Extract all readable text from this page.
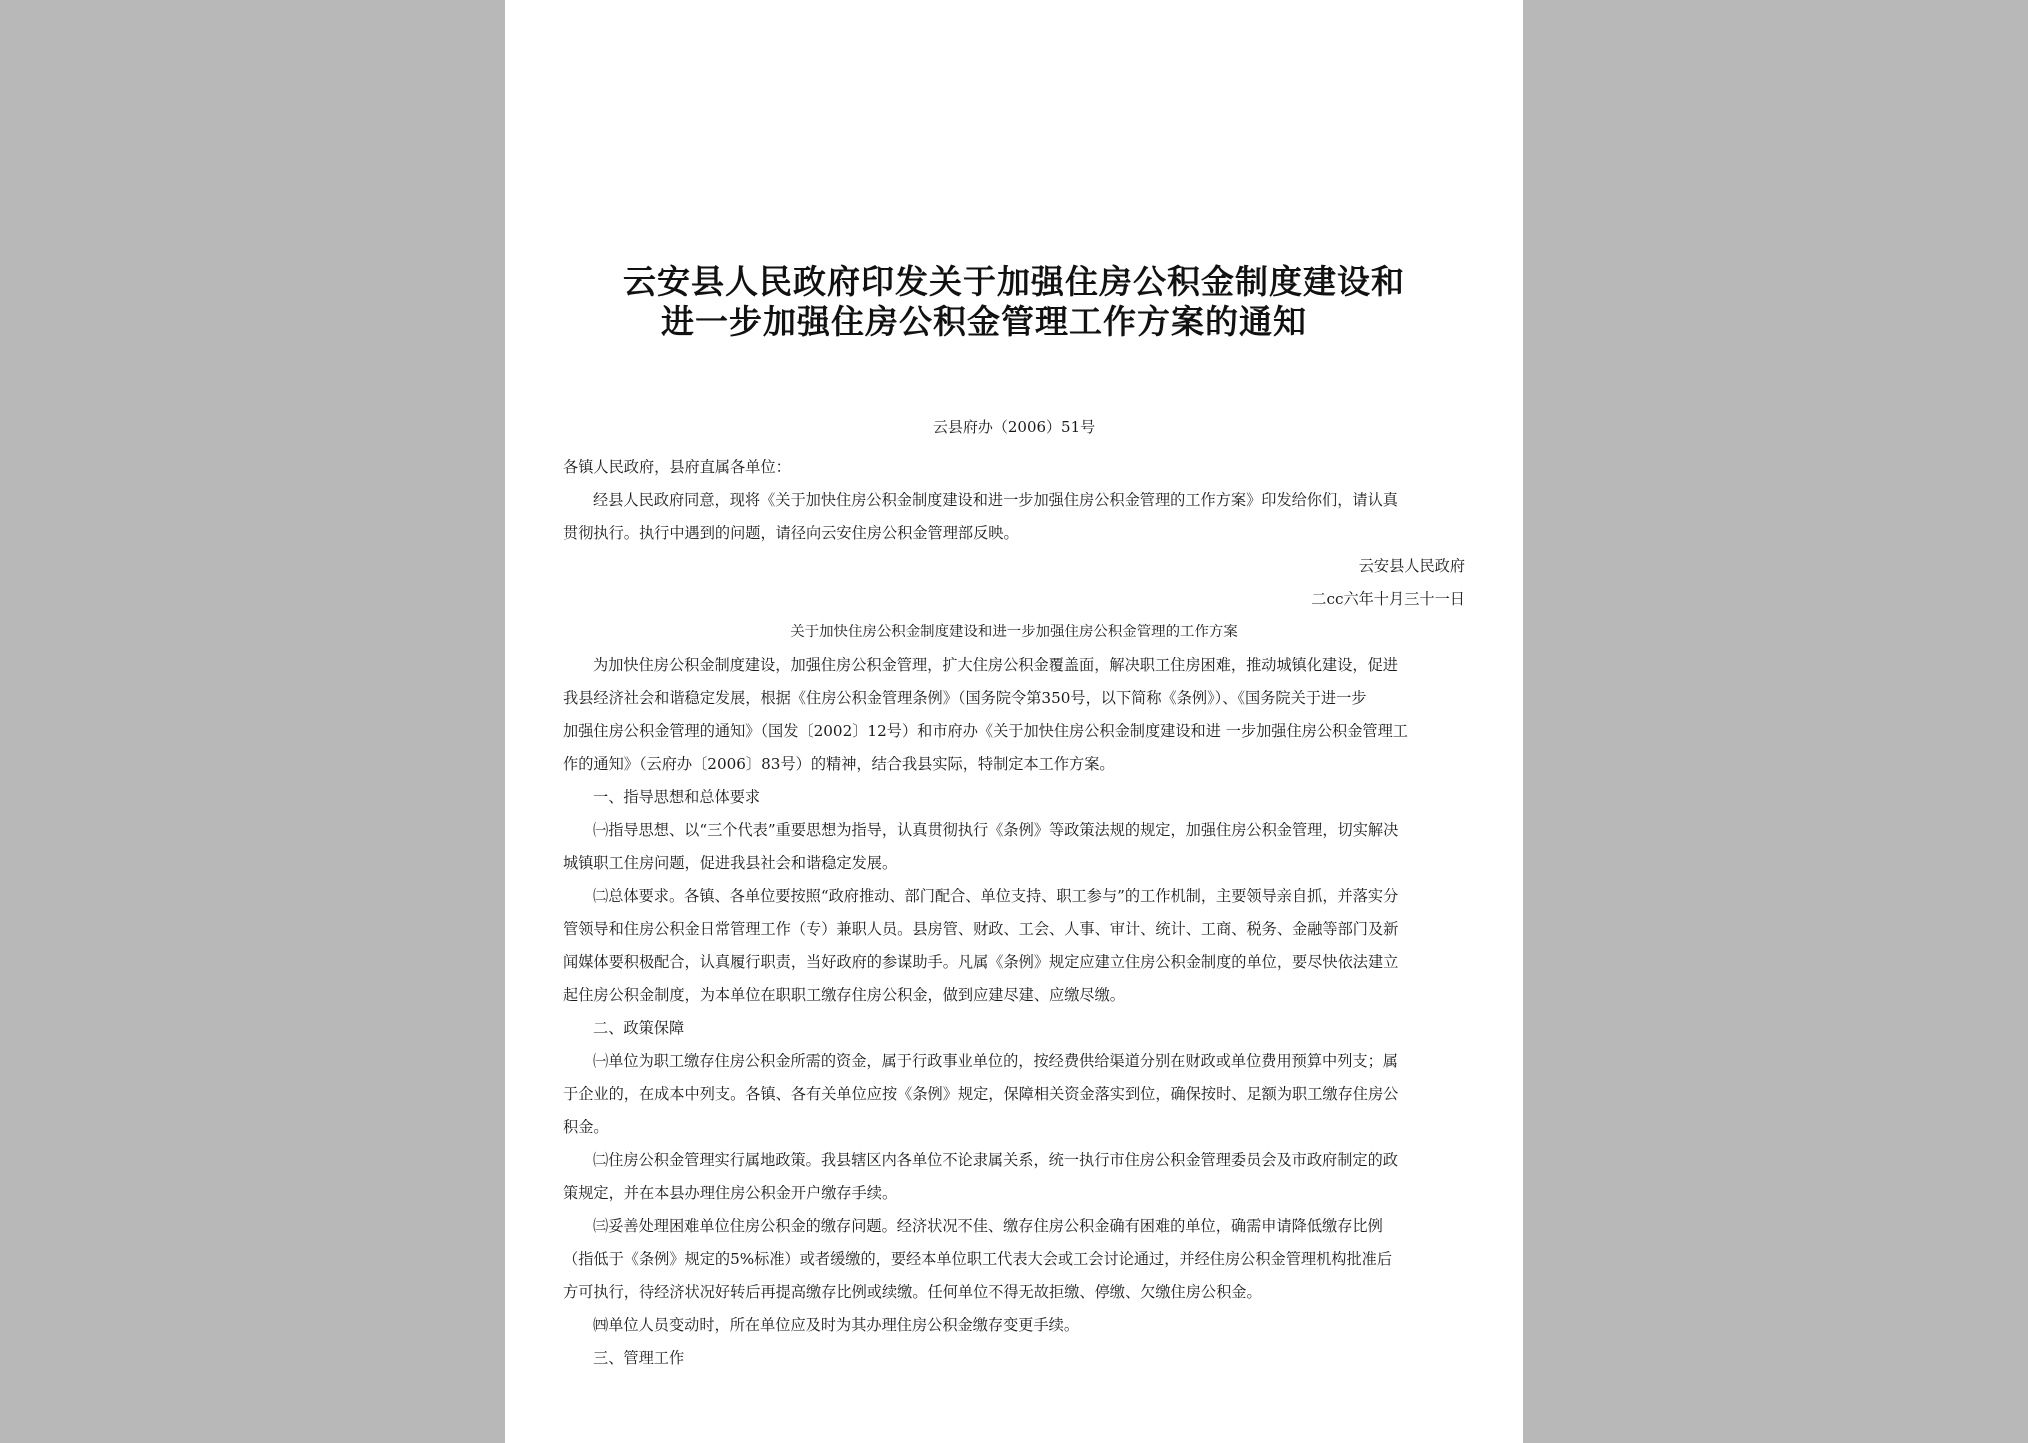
云安县人民政府印发关于加强住房公积金制度建设和

进一步加强住房公积金管理工作方案的通知
云县府办（2006）51号
各镇人民政府，县府直属各单位：
经县人民政府同意，现将《关于加快住房公积金制度建设和进一步加强住房公积金管理的工作方案》印发给你们，请认真
贯彻执行。执行中遇到的问题，请径向云安住房公积金管理部反映。
云安县人民政府
二cc六年十月三十一日
关于加快住房公积金制度建设和进一步加强住房公积金管理的工作方案
为加快住房公积金制度建设，加强住房公积金管理，扩大住房公积金覆盖面，解决职工住房困难，推动城镇化建设，促进
我县经济社会和谐稳定发展，根据《住房公积金管理条例》（国务院令第350号，以下简称《条例》）、《国务院关于进一步
加强住房公积金管理的通知》（国发〔2002〕12号）和市府办《关于加快住房公积金制度建设和进 一步加强住房公积金管理工
作的通知》（云府办〔2006〕83号）的精神，结合我县实际，特制定本工作方案。
一、指导思想和总体要求
㈠指导思想、以“三个代表”重要思想为指导，认真贯彻执行《条例》等政策法规的规定，加强住房公积金管理，切实解决
城镇职工住房问题，促进我县社会和谐稳定发展。
㈡总体要求。各镇、各单位要按照“政府推动、部门配合、单位支持、职工参与”的工作机制，主要领导亲自抓，并落实分
管领导和住房公积金日常管理工作（专）兼职人员。县房管、财政、工会、人事、审计、统计、工商、税务、金融等部门及新
闻媒体要积极配合，认真履行职责，当好政府的参谋助手。凡属《条例》规定应建立住房公积金制度的单位，要尽快依法建立
起住房公积金制度，为本单位在职职工缴存住房公积金，做到应建尽建、应缴尽缴。
二、政策保障
㈠单位为职工缴存住房公积金所需的资金，属于行政事业单位的，按经费供给渠道分别在财政或单位费用预算中列支；属
于企业的，在成本中列支。各镇、各有关单位应按《条例》规定，保障相关资金落实到位，确保按时、足额为职工缴存住房公
积金。
㈡住房公积金管理实行属地政策。我县辖区内各单位不论隶属关系，统一执行市住房公积金管理委员会及市政府制定的政
策规定，并在本县办理住房公积金开户缴存手续。
㈢妥善处理困难单位住房公积金的缴存问题。经济状况不佳、缴存住房公积金确有困难的单位，确需申请降低缴存比例
（指低于《条例》规定的5%标准）或者缓缴的，要经本单位职工代表大会或工会讨论通过，并经住房公积金管理机构批准后
方可执行，待经济状况好转后再提高缴存比例或续缴。任何单位不得无故拒缴、停缴、欠缴住房公积金。
㈣单位人员变动时，所在单位应及时为其办理住房公积金缴存变更手续。
三、管理工作
